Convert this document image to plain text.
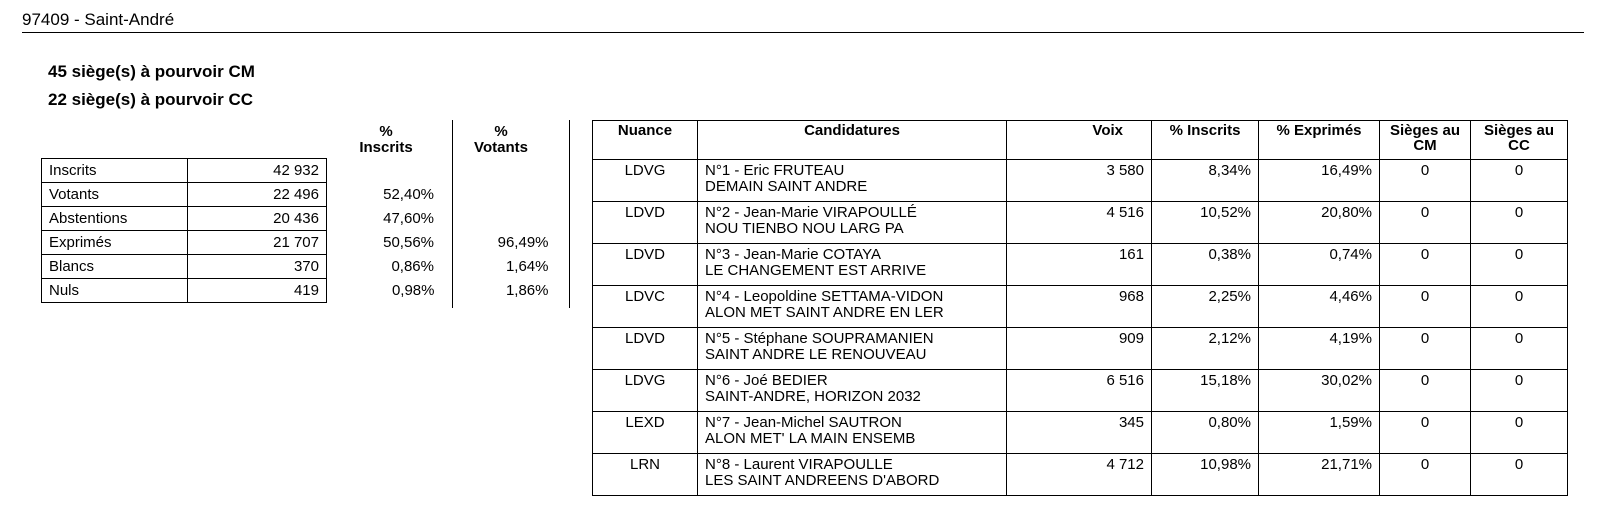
97409 - Saint-André
45 siège(s) à pourvoir CM
22 siège(s) à pourvoir CC
% Inscrits
% Votants
Inscrits	42 932		
Votants	22 496	52,40%	
Abstentions	20 436	47,60%	
Exprimés	21 707	50,56%	96,49%
Blancs	370	0,86%	1,64%
Nuls	419	0,98%	1,86%
Nuance	Candidatures	Voix	% Inscrits	% Exprimés	Sièges au CM	Sièges au CC
LDVG	N°1 - Eric FRUTEAU
DEMAIN SAINT ANDRE	3 580	8,34%	16,49%	0	0
LDVD	N°2 - Jean-Marie VIRAPOULLÉ
NOU TIENBO NOU LARG PA	4 516	10,52%	20,80%	0	0
LDVD	N°3 - Jean-Marie COTAYA
LE CHANGEMENT EST ARRIVE	161	0,38%	0,74%	0	0
LDVC	N°4 - Leopoldine SETTAMA-VIDON
ALON MET SAINT ANDRE EN LER	968	2,25%	4,46%	0	0
LDVD	N°5 - Stéphane SOUPRAMANIEN
SAINT ANDRE LE RENOUVEAU	909	2,12%	4,19%	0	0
LDVG	N°6 - Joé BEDIER
SAINT-ANDRE, HORIZON 2032	6 516	15,18%	30,02%	0	0
LEXD	N°7 - Jean-Michel SAUTRON
ALON MET' LA MAIN ENSEMB	345	0,80%	1,59%	0	0
LRN	N°8 - Laurent VIRAPOULLE
LES SAINT ANDREENS D'ABORD	4 712	10,98%	21,71%	0	0
